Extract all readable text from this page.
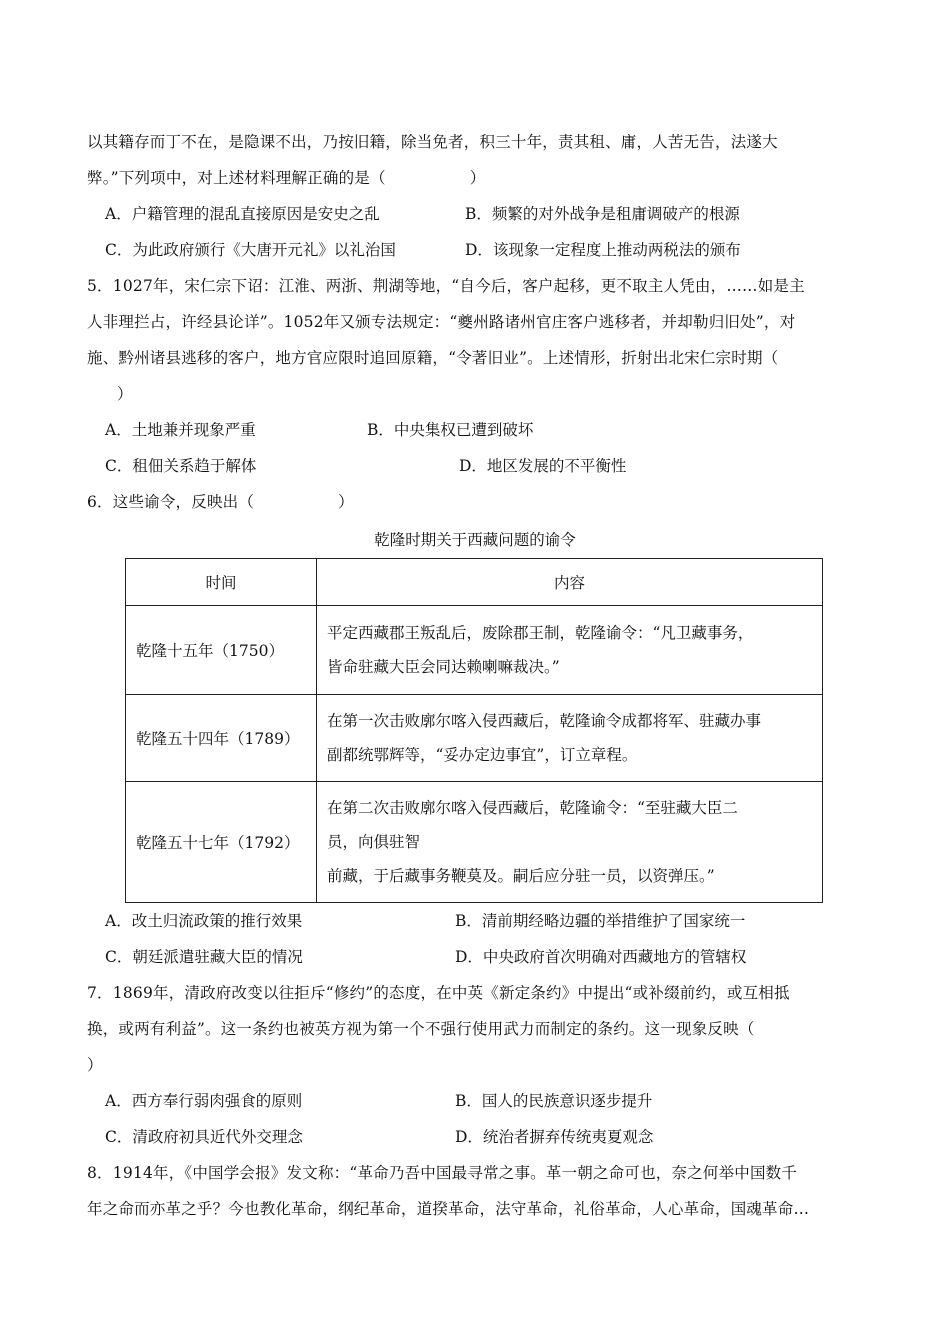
以其籍存而丁不在，是隐课不出，乃按旧籍，除当免者，积三十年，责其租、庸，人苦无告，法遂大
弊。”下列项中，对上述材料理解正确的是（	）
A．户籍管理的混乱直接原因是安史之乱	B．频繁的对外战争是租庸调破产的根源
C．为此政府颁行《大唐开元礼》以礼治国	D．该现象一定程度上推动两税法的颁布
5．1027年，宋仁宗下诏：江淮、两浙、荆湖等地，“自今后，客户起移，更不取主人凭由，……如是主
人非理拦占，许经县论详”。1052年又颁专法规定：“夔州路诸州官庄客户逃移者，并却勒归旧处”，对
施、黔州诸县逃移的客户，地方官应限时追回原籍，“令著旧业”。上述情形，折射出北宋仁宗时期（
）
A．土地兼并现象严重	B．中央集权已遭到破坏
C．租佃关系趋于解体	D．地区发展的不平衡性
6．这些谕令，反映出（	）
乾隆时期关于西藏问题的谕令
时间	内容
乾隆十五年（1750）	平定西藏郡王叛乱后，废除郡王制，乾隆谕令：“凡卫藏事务，
皆命驻藏大臣会同达赖喇嘛裁决。”

乾隆五十四年（1789）	在第一次击败廓尔喀入侵西藏后，乾隆谕令成都将军、驻藏办事
副都统鄂辉等，“妥办定边事宜”，订立章程。

乾隆五十七年（1792）	在第二次击败廓尔喀入侵西藏后，乾隆谕令：“至驻藏大臣二
员，向俱驻智
前藏，于后藏事务鞭莫及。嗣后应分驻一员，以资弹压。”
A．改土归流政策的推行效果	B．清前期经略边疆的举措维护了国家统一
C．朝廷派遣驻藏大臣的情况	D．中央政府首次明确对西藏地方的管辖权
7．1869年，清政府改变以往拒斥“修约”的态度，在中英《新定条约》中提出“或补缀前约，或互相抵
换，或两有利益”。这一条约也被英方视为第一个不强行使用武力而制定的条约。这一现象反映（
）
A．西方奉行弱肉强食的原则	B．国人的民族意识逐步提升
C．清政府初具近代外交理念	D．统治者摒弃传统夷夏观念
8．1914年，《中国学会报》发文称：“革命乃吾中国最寻常之事。革一朝之命可也，奈之何举中国数千
年之命而亦革之乎？今也教化革命，纲纪革命，道揆革命，法守革命，礼俗革命，人心革命，国魂革命…
